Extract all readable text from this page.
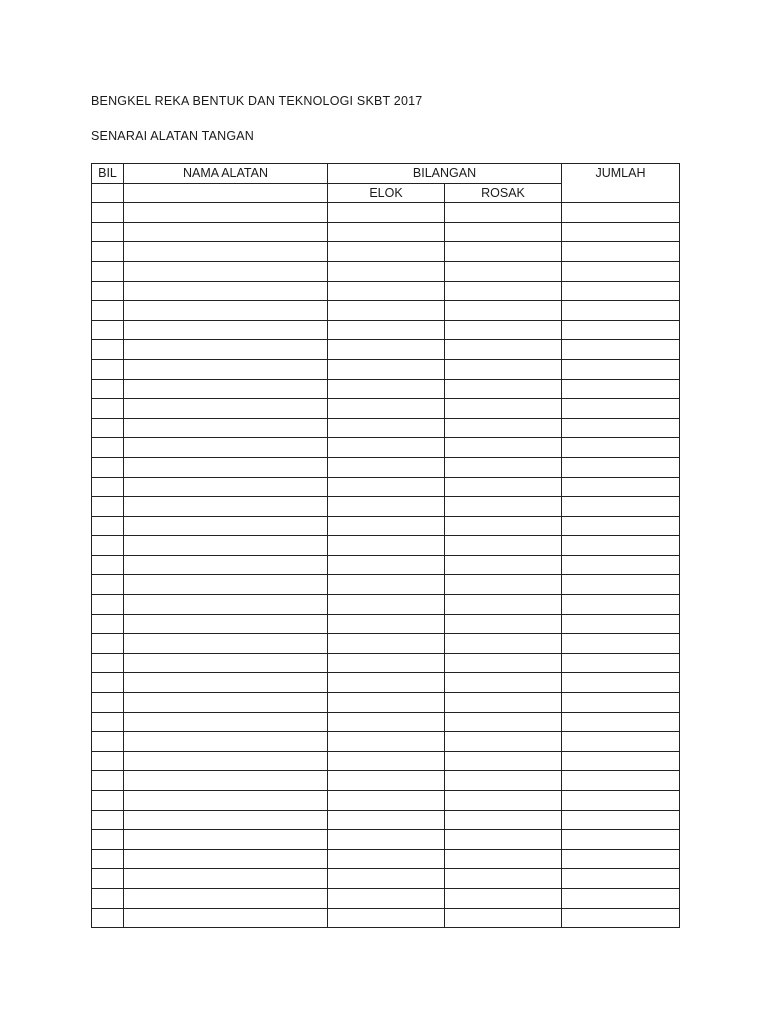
BENGKEL REKA BENTUK DAN TEKNOLOGI SKBT 2017
SENARAI ALATAN TANGAN
BIL	NAMA ALATAN	BILANGAN		JUMLAH
		ELOK	ROSAK	
